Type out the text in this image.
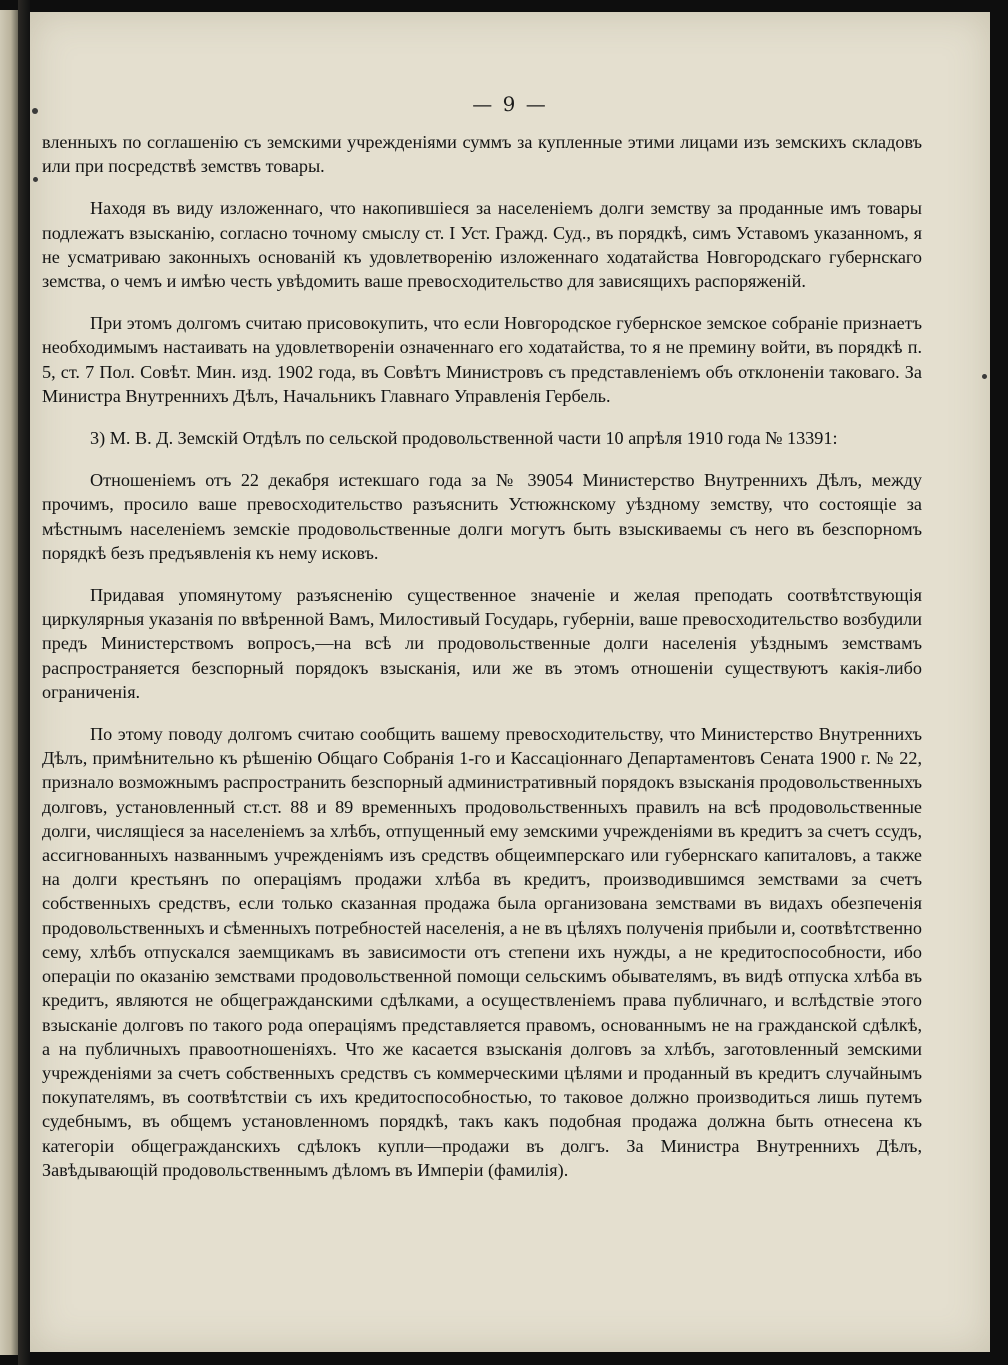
— 9 —

вленныхъ по соглашенію съ земскими учрежденіями суммъ за купленные этими лицами изъ земскихъ складовъ или при посредствѣ земствъ товары.

Находя въ виду изложеннаго, что накопившіеся за населеніемъ долги земству за проданные имъ товары подлежатъ взысканію, согласно точному смыслу ст. I Уст. Гражд. Суд., въ порядкѣ, симъ Уставомъ указанномъ, я не усматриваю законныхъ основаній къ удовлетворенію изложеннаго ходатайства Новгородскаго губернскаго земства, о чемъ и имѣю честь увѣдомить ваше превосходительство для зависящихъ распоряженій.

При этомъ долгомъ считаю присовокупить, что если Новгородское губернское земское собраніе признаетъ необходимымъ настаивать на удовлетвореніи означеннаго его ходатайства, то я не премину войти, въ порядкѣ п. 5, ст. 7 Пол. Совѣт. Мин. изд. 1902 года, въ Совѣтъ Министровъ съ представленіемъ объ отклоненіи таковаго. За Министра Внутреннихъ Дѣлъ, Начальникъ Главнаго Управленія Гербель.

3) М. В. Д. Земскій Отдѣлъ по сельской продовольственной части 10 апрѣля 1910 года № 13391:

Отношеніемъ отъ 22 декабря истекшаго года за № 39054 Министерство Внутреннихъ Дѣлъ, между прочимъ, просило ваше превосходительство разъяснить Устюжнскому уѣздному земству, что состоящіе за мѣстнымъ населеніемъ земскіе продовольственные долги могутъ быть взыскиваемы съ него въ безспорномъ порядкѣ безъ предъявленія къ нему исковъ.

Придавая упомянутому разъясненію существенное значеніе и желая преподать соотвѣтствующія циркулярныя указанія по ввѣренной Вамъ, Милостивый Государь, губерніи, ваше превосходительство возбудили предъ Министерствомъ вопросъ,—на всѣ ли продовольственные долги населенія уѣзднымъ земствамъ распространяется безспорный порядокъ взысканія, или же въ этомъ отношеніи существуютъ какія-либо ограниченія.

По этому поводу долгомъ считаю сообщить вашему превосходительству, что Министерство Внутреннихъ Дѣлъ, примѣнительно къ рѣшенію Общаго Собранія 1-го и Кассаціоннаго Департаментовъ Сената 1900 г. № 22, признало возможнымъ распространить безспорный административный порядокъ взысканія продовольственныхъ долговъ, установленный ст.ст. 88 и 89 временныхъ продовольственныхъ правилъ на всѣ продовольственные долги, числящіеся за населеніемъ за хлѣбъ, отпущенный ему земскими учрежденіями въ кредитъ за счетъ ссудъ, ассигнованныхъ названнымъ учрежденіямъ изъ средствъ общеимперскаго или губернскаго капиталовъ, а также на долги крестьянъ по операціямъ продажи хлѣба въ кредитъ, производившимся земствами за счетъ собственныхъ средствъ, если только сказанная продажа была организована земствами въ видахъ обезпеченія продовольственныхъ и сѣменныхъ потребностей населенія, а не въ цѣляхъ полученія прибыли и, соотвѣтственно сему, хлѣбъ отпускался заемщикамъ въ зависимости отъ степени ихъ нужды, а не кредитоспособности, ибо операціи по оказанію земствами продовольственной помощи сельскимъ обывателямъ, въ видѣ отпуска хлѣба въ кредитъ, являются не общегражданскими сдѣлками, а осуществленіемъ права публичнаго, и вслѣдствіе этого взысканіе долговъ по такого рода операціямъ представляется правомъ, основаннымъ не на гражданской сдѣлкѣ, а на публичныхъ правоотношеніяхъ. Что же касается взысканія долговъ за хлѣбъ, заготовленный земскими учрежденіями за счетъ собственныхъ средствъ съ коммерческими цѣлями и проданный въ кредитъ случайнымъ покупателямъ, въ соотвѣтствіи съ ихъ кредитоспособностью, то таковое должно производиться лишь путемъ судебнымъ, въ общемъ установленномъ порядкѣ, такъ какъ подобная продажа должна быть отнесена къ категоріи общегражданскихъ сдѣлокъ купли—продажи въ долгъ. За Министра Внутреннихъ Дѣлъ, Завѣдывающій продовольственнымъ дѣломъ въ Имперіи (фамилія).
